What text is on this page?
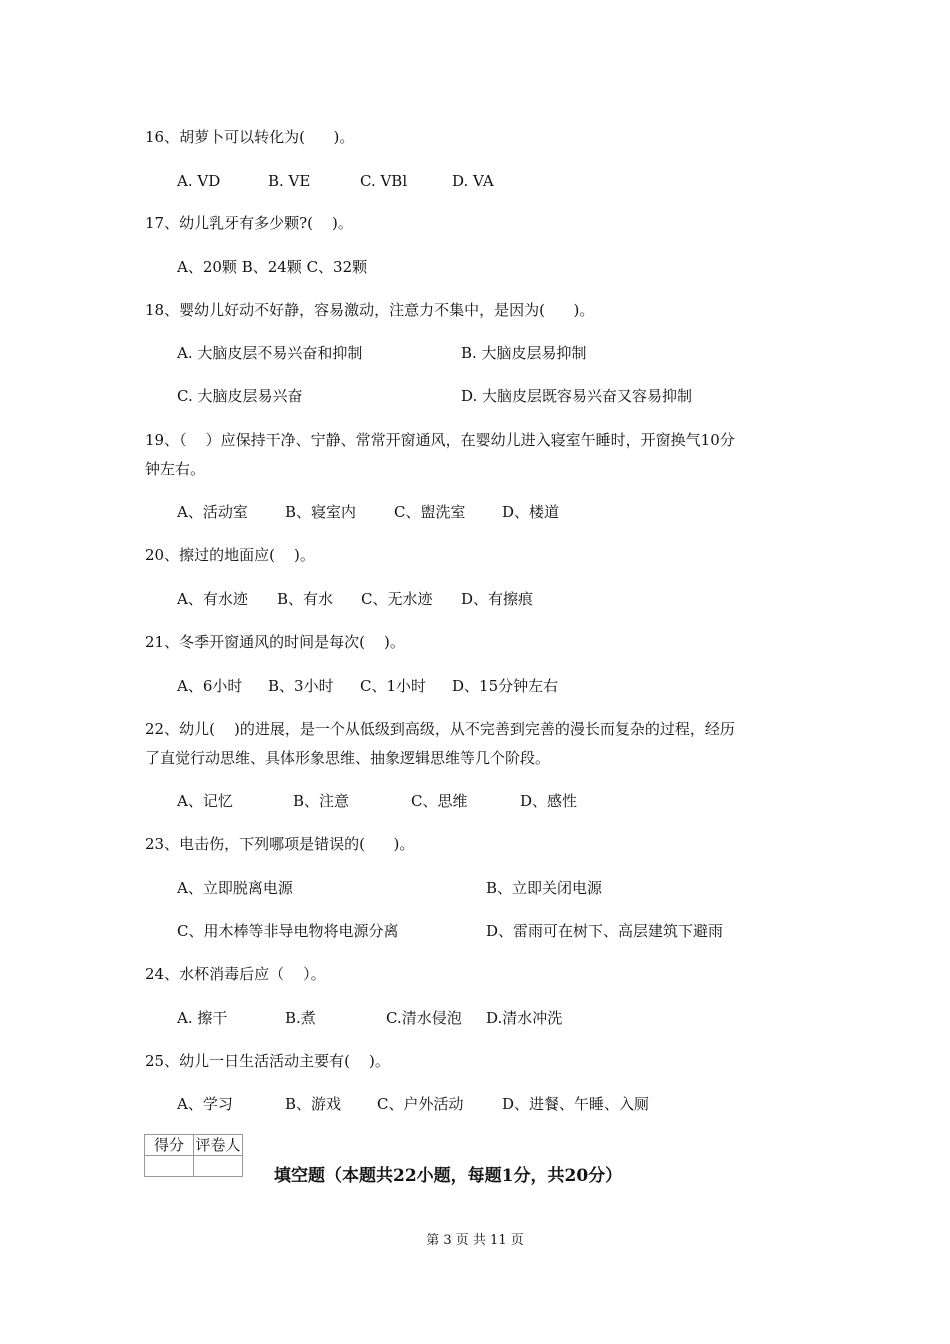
16、胡萝卜可以转化为(      )。
A. VD	B. VE	C. VBl	D. VA
17、幼儿乳牙有多少颗?(    )。
A、20颗 B、24颗 C、32颗
18、婴幼儿好动不好静，容易激动，注意力不集中，是因为(      )。
A. 大脑皮层不易兴奋和抑制	B. 大脑皮层易抑制
C. 大脑皮层易兴奋	D. 大脑皮层既容易兴奋又容易抑制
19、（    ）应保持干净、宁静、常常开窗通风，在婴幼儿进入寝室午睡时，开窗换气10分
钟左右。
A、活动室 B、寝室内	C、盥洗室 D、楼道
20、擦过的地面应(    )。
A、有水迹 B、有水 C、无水迹 D、有擦痕
21、冬季开窗通风的时间是每次(    )。
A、6小时 B、3小时 C、1小时 D、15分钟左右
22、幼儿(    )的进展，是一个从低级到高级，从不完善到完善的漫长而复杂的过程，经历
了直觉行动思维、具体形象思维、抽象逻辑思维等几个阶段。
A、记忆	B、注意	C、思维	D、感性
23、电击伤，下列哪项是错误的(      )。
A、立即脱离电源	B、立即关闭电源
C、用木棒等非导电物将电源分离	D、雷雨可在树下、高层建筑下避雨
24、水杯消毒后应（    ）。
A. 擦干	B.煮	C.清水侵泡 D.清水冲洗
25、幼儿一日生活活动主要有(    )。
A、学习	B、游戏 C、户外活动	D、进餐、午睡、入厕
得分	评卷人

填空题（本题共22小题，每题1分，共20分）
第 3 页 共 11 页
